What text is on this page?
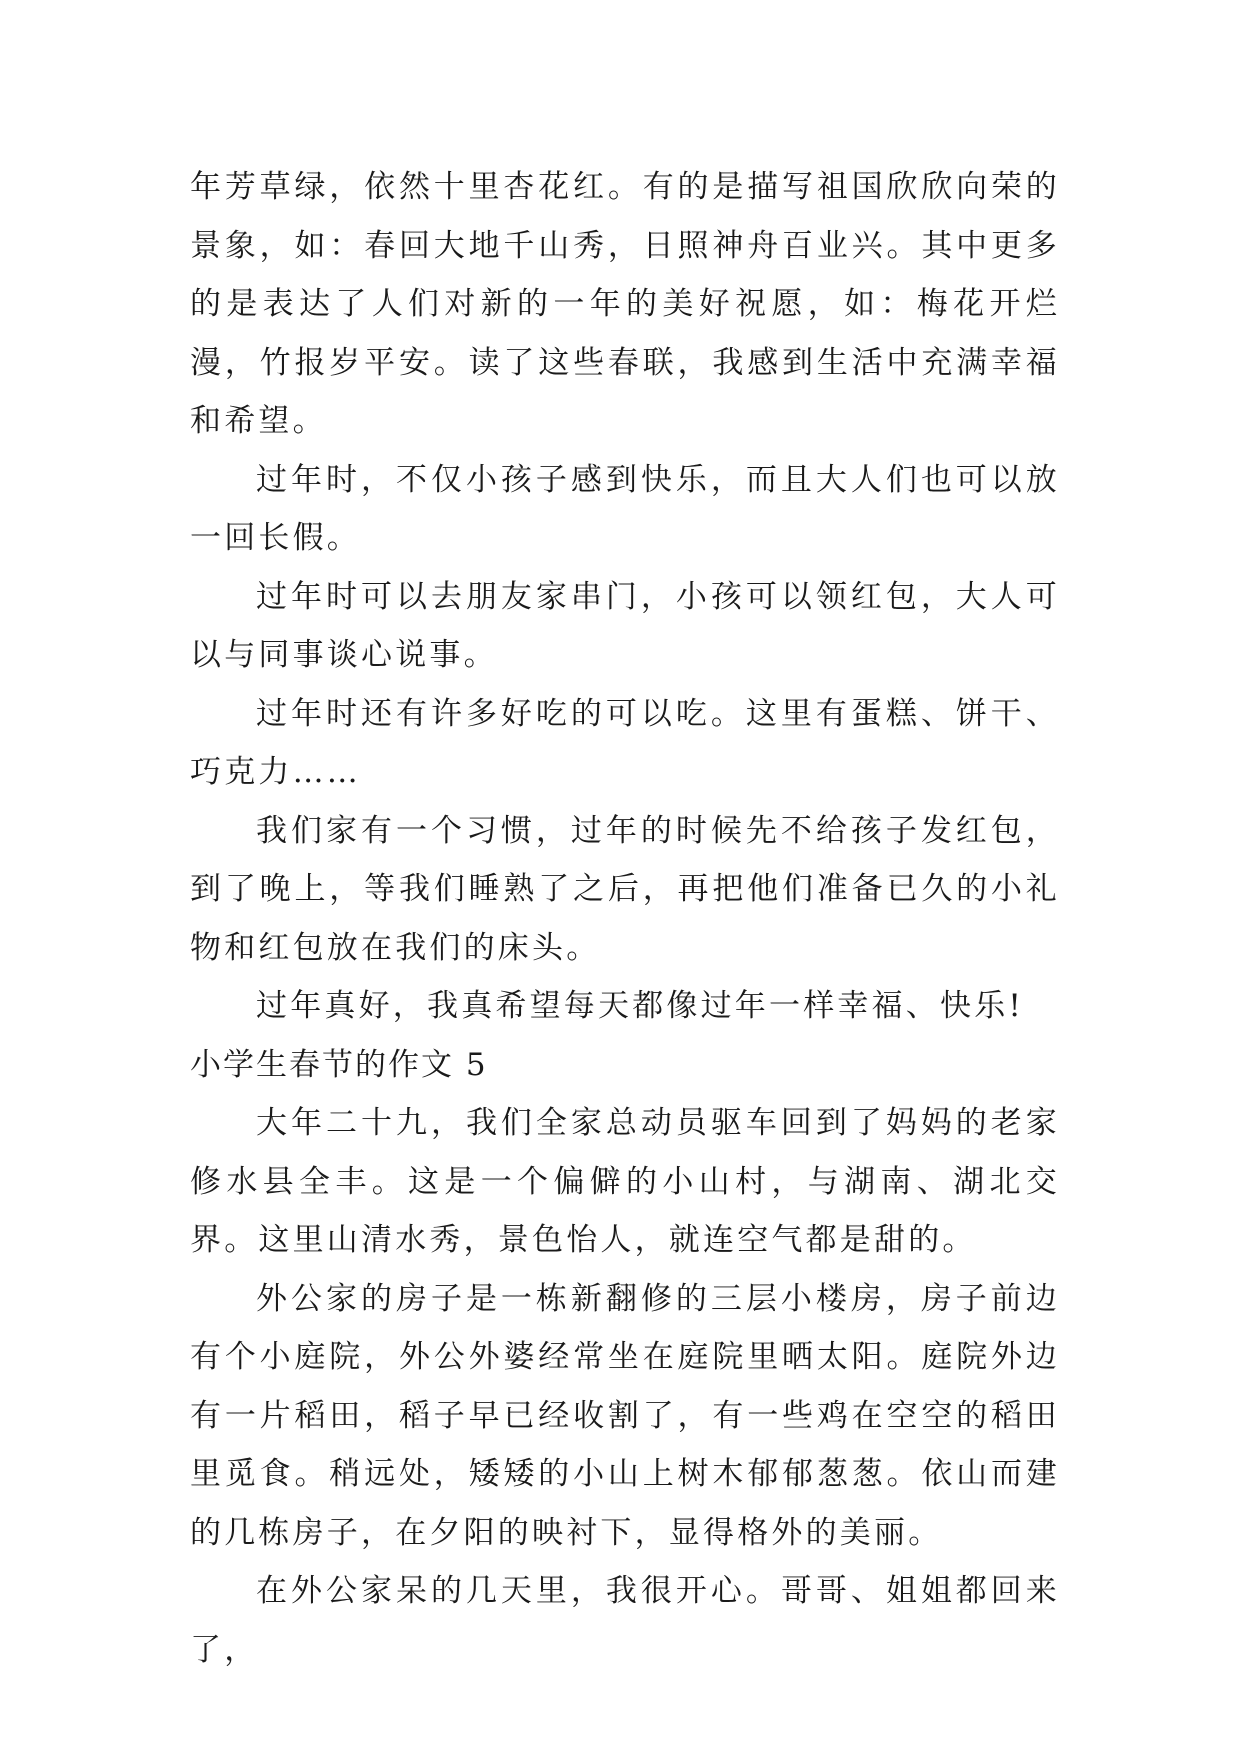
年芳草绿，依然十里杏花红。有的是描写祖国欣欣向荣的景象，如：春回大地千山秀，日照神舟百业兴。其中更多的是表达了人们对新的一年的美好祝愿，如：梅花开烂漫，竹报岁平安。读了这些春联，我感到生活中充满幸福和希望。

过年时，不仅小孩子感到快乐，而且大人们也可以放一回长假。

过年时可以去朋友家串门，小孩可以领红包，大人可以与同事谈心说事。

过年时还有许多好吃的可以吃。这里有蛋糕、饼干、巧克力……

我们家有一个习惯，过年的时候先不给孩子发红包，到了晚上，等我们睡熟了之后，再把他们准备已久的小礼物和红包放在我们的床头。

过年真好，我真希望每天都像过年一样幸福、快乐!

小学生春节的作文 5

大年二十九，我们全家总动员驱车回到了妈妈的老家修水县全丰。这是一个偏僻的小山村，与湖南、湖北交界。这里山清水秀，景色怡人，就连空气都是甜的。

外公家的房子是一栋新翻修的三层小楼房，房子前边有个小庭院，外公外婆经常坐在庭院里晒太阳。庭院外边有一片稻田，稻子早已经收割了，有一些鸡在空空的稻田里觅食。稍远处，矮矮的小山上树木郁郁葱葱。依山而建的几栋房子，在夕阳的映衬下，显得格外的美丽。

在外公家呆的几天里，我很开心。哥哥、姐姐都回来了，
